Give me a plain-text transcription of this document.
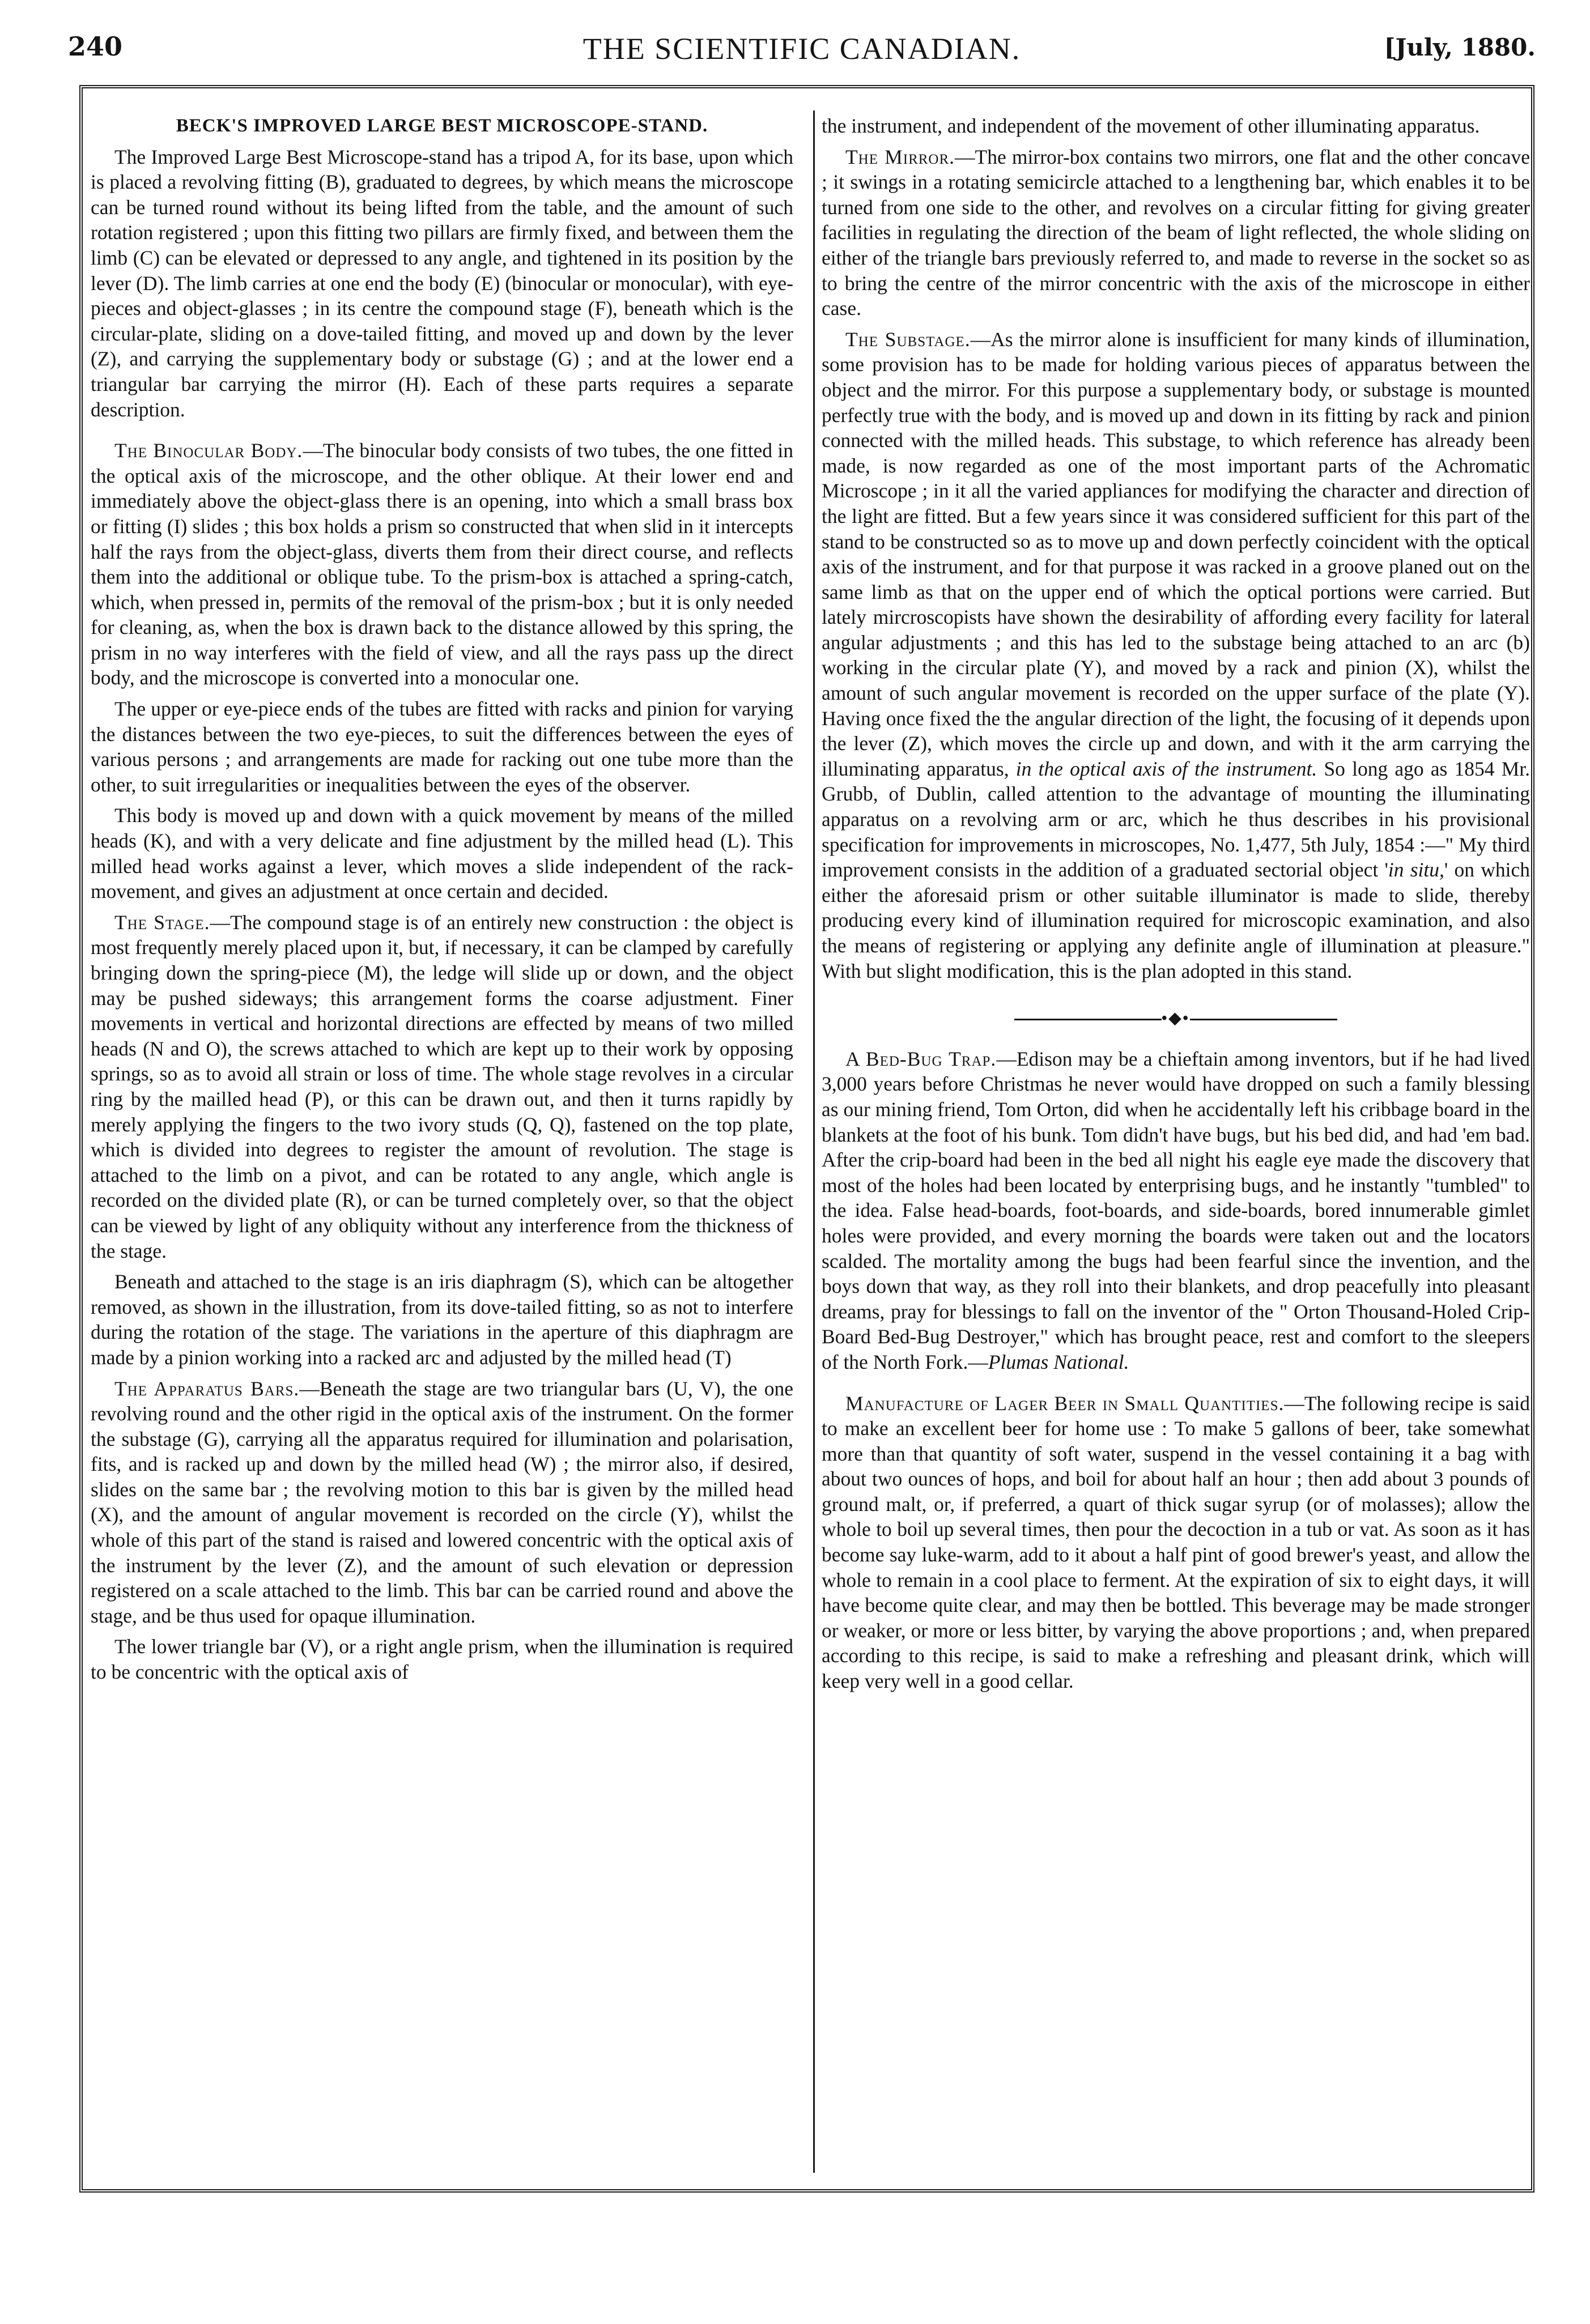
240	THE SCIENTIFIC CANADIAN.	[July, 1880.
BECK'S IMPROVED LARGE BEST MICROSCOPE-STAND.

The Improved Large Best Microscope-stand has a tripod A, for its base, upon which is placed a revolving fitting (B), graduated to degrees, by which means the microscope can be turned round without its being lifted from the table, and the amount of such rotation registered ; upon this fitting two pillars are firmly fixed, and between them the limb (C) can be elevated or depressed to any angle, and tightened in its position by the lever (D). The limb carries at one end the body (E) (binocular or monocular), with eye-pieces and object-glasses ; in its centre the compound stage (F), beneath which is the circular-plate, sliding on a dove-tailed fitting, and moved up and down by the lever (Z), and carrying the supplementary body or substage (G) ; and at the lower end a triangular bar carrying the mirror (H). Each of these parts requires a separate description.

The Binocular Body.—The binocular body consists of two tubes, the one fitted in the optical axis of the microscope, and the other oblique. At their lower end and immediately above the object-glass there is an opening, into which a small brass box or fitting (I) slides ; this box holds a prism so constructed that when slid in it intercepts half the rays from the object-glass, diverts them from their direct course, and reflects them into the additional or oblique tube. To the prism-box is attached a spring-catch, which, when pressed in, permits of the removal of the prism-box ; but it is only needed for cleaning, as, when the box is drawn back to the distance allowed by this spring, the prism in no way interferes with the field of view, and all the rays pass up the direct body, and the microscope is converted into a monocular one.

The upper or eye-piece ends of the tubes are fitted with racks and pinion for varying the distances between the two eye-pieces, to suit the differences between the eyes of various persons ; and arrangements are made for racking out one tube more than the other, to suit irregularities or inequalities between the eyes of the observer.

This body is moved up and down with a quick movement by means of the milled heads (K), and with a very delicate and fine adjustment by the milled head (L). This milled head works against a lever, which moves a slide independent of the rack-movement, and gives an adjustment at once certain and decided.

The Stage.—The compound stage is of an entirely new construction : the object is most frequently merely placed upon it, but, if necessary, it can be clamped by carefully bringing down the spring-piece (M), the ledge will slide up or down, and the object may be pushed sideways; this arrangement forms the coarse adjustment. Finer movements in vertical and horizontal directions are effected by means of two milled heads (N and O), the screws attached to which are kept up to their work by opposing springs, so as to avoid all strain or loss of time. The whole stage revolves in a circular ring by the mailled head (P), or this can be drawn out, and then it turns rapidly by merely applying the fingers to the two ivory studs (Q, Q), fastened on the top plate, which is divided into degrees to register the amount of revolution. The stage is attached to the limb on a pivot, and can be rotated to any angle, which angle is recorded on the divided plate (R), or can be turned completely over, so that the object can be viewed by light of any obliquity without any interference from the thickness of the stage.

Beneath and attached to the stage is an iris diaphragm (S), which can be altogether removed, as shown in the illustration, from its dove-tailed fitting, so as not to interfere during the rotation of the stage. The variations in the aperture of this diaphragm are made by a pinion working into a racked arc and adjusted by the milled head (T)

The Apparatus Bars.—Beneath the stage are two triangular bars (U, V), the one revolving round and the other rigid in the optical axis of the instrument. On the former the substage (G), carrying all the apparatus required for illumination and polarisation, fits, and is racked up and down by the milled head (W) ; the mirror also, if desired, slides on the same bar ; the revolving motion to this bar is given by the milled head (X), and the amount of angular movement is recorded on the circle (Y), whilst the whole of this part of the stand is raised and lowered concentric with the optical axis of the instrument by the lever (Z), and the amount of such elevation or depression registered on a scale attached to the limb. This bar can be carried round and above the stage, and be thus used for opaque illumination.

The lower triangle bar (V), or a right angle prism, when the illumination is required to be concentric with the optical axis of

the instrument, and independent of the movement of other illuminating apparatus.

The Mirror.—The mirror-box contains two mirrors, one flat and the other concave ; it swings in a rotating semicircle attached to a lengthening bar, which enables it to be turned from one side to the other, and revolves on a circular fitting for giving greater facilities in regulating the direction of the beam of light reflected, the whole sliding on either of the triangle bars previously referred to, and made to reverse in the socket so as to bring the centre of the mirror concentric with the axis of the microscope in either case.

The Substage.—As the mirror alone is insufficient for many kinds of illumination, some provision has to be made for holding various pieces of apparatus between the object and the mirror. For this purpose a supplementary body, or substage is mounted perfectly true with the body, and is moved up and down in its fitting by rack and pinion connected with the milled heads. This substage, to which reference has already been made, is now regarded as one of the most important parts of the Achromatic Microscope ; in it all the varied appliances for modifying the character and direction of the light are fitted. But a few years since it was considered sufficient for this part of the stand to be constructed so as to move up and down perfectly coincident with the optical axis of the instrument, and for that purpose it was racked in a groove planed out on the same limb as that on the upper end of which the optical portions were carried. But lately mircroscopists have shown the desirability of affording every facility for lateral angular adjustments ; and this has led to the substage being attached to an arc (b) working in the circular plate (Y), and moved by a rack and pinion (X), whilst the amount of such angular movement is recorded on the upper surface of the plate (Y). Having once fixed the the angular direction of the light, the focusing of it depends upon the lever (Z), which moves the circle up and down, and with it the arm carrying the illuminating apparatus, in the optical axis of the instrument. So long ago as 1854 Mr. Grubb, of Dublin, called attention to the advantage of mounting the illuminating apparatus on a revolving arm or arc, which he thus describes in his provisional specification for improvements in microscopes, No. 1,477, 5th July, 1854 :—" My third improvement consists in the addition of a graduated sectorial object 'in situ,' on which either the aforesaid prism or other suitable illuminator is made to slide, thereby producing every kind of illumination required for microscopic examination, and also the means of registering or applying any definite angle of illumination at pleasure." With but slight modification, this is the plan adopted in this stand.

•◆•

A Bed-Bug Trap.—Edison may be a chieftain among inventors, but if he had lived 3,000 years before Christmas he never would have dropped on such a family blessing as our mining friend, Tom Orton, did when he accidentally left his cribbage board in the blankets at the foot of his bunk. Tom didn't have bugs, but his bed did, and had 'em bad. After the crip-board had been in the bed all night his eagle eye made the discovery that most of the holes had been located by enterprising bugs, and he instantly "tumbled" to the idea. False head-boards, foot-boards, and side-boards, bored innumerable gimlet holes were provided, and every morning the boards were taken out and the locators scalded. The mortality among the bugs had been fearful since the invention, and the boys down that way, as they roll into their blankets, and drop peacefully into pleasant dreams, pray for blessings to fall on the inventor of the " Orton Thousand-Holed Crip-Board Bed-Bug Destroyer," which has brought peace, rest and comfort to the sleepers of the North Fork.—Plumas National.

Manufacture of Lager Beer in Small Quantities.—The following recipe is said to make an excellent beer for home use : To make 5 gallons of beer, take somewhat more than that quantity of soft water, suspend in the vessel containing it a bag with about two ounces of hops, and boil for about half an hour ; then add about 3 pounds of ground malt, or, if preferred, a quart of thick sugar syrup (or of molasses); allow the whole to boil up several times, then pour the decoction in a tub or vat. As soon as it has become say luke-warm, add to it about a half pint of good brewer's yeast, and allow the whole to remain in a cool place to ferment. At the expiration of six to eight days, it will have become quite clear, and may then be bottled. This beverage may be made stronger or weaker, or more or less bitter, by varying the above proportions ; and, when prepared according to this recipe, is said to make a refreshing and pleasant drink, which will keep very well in a good cellar.
